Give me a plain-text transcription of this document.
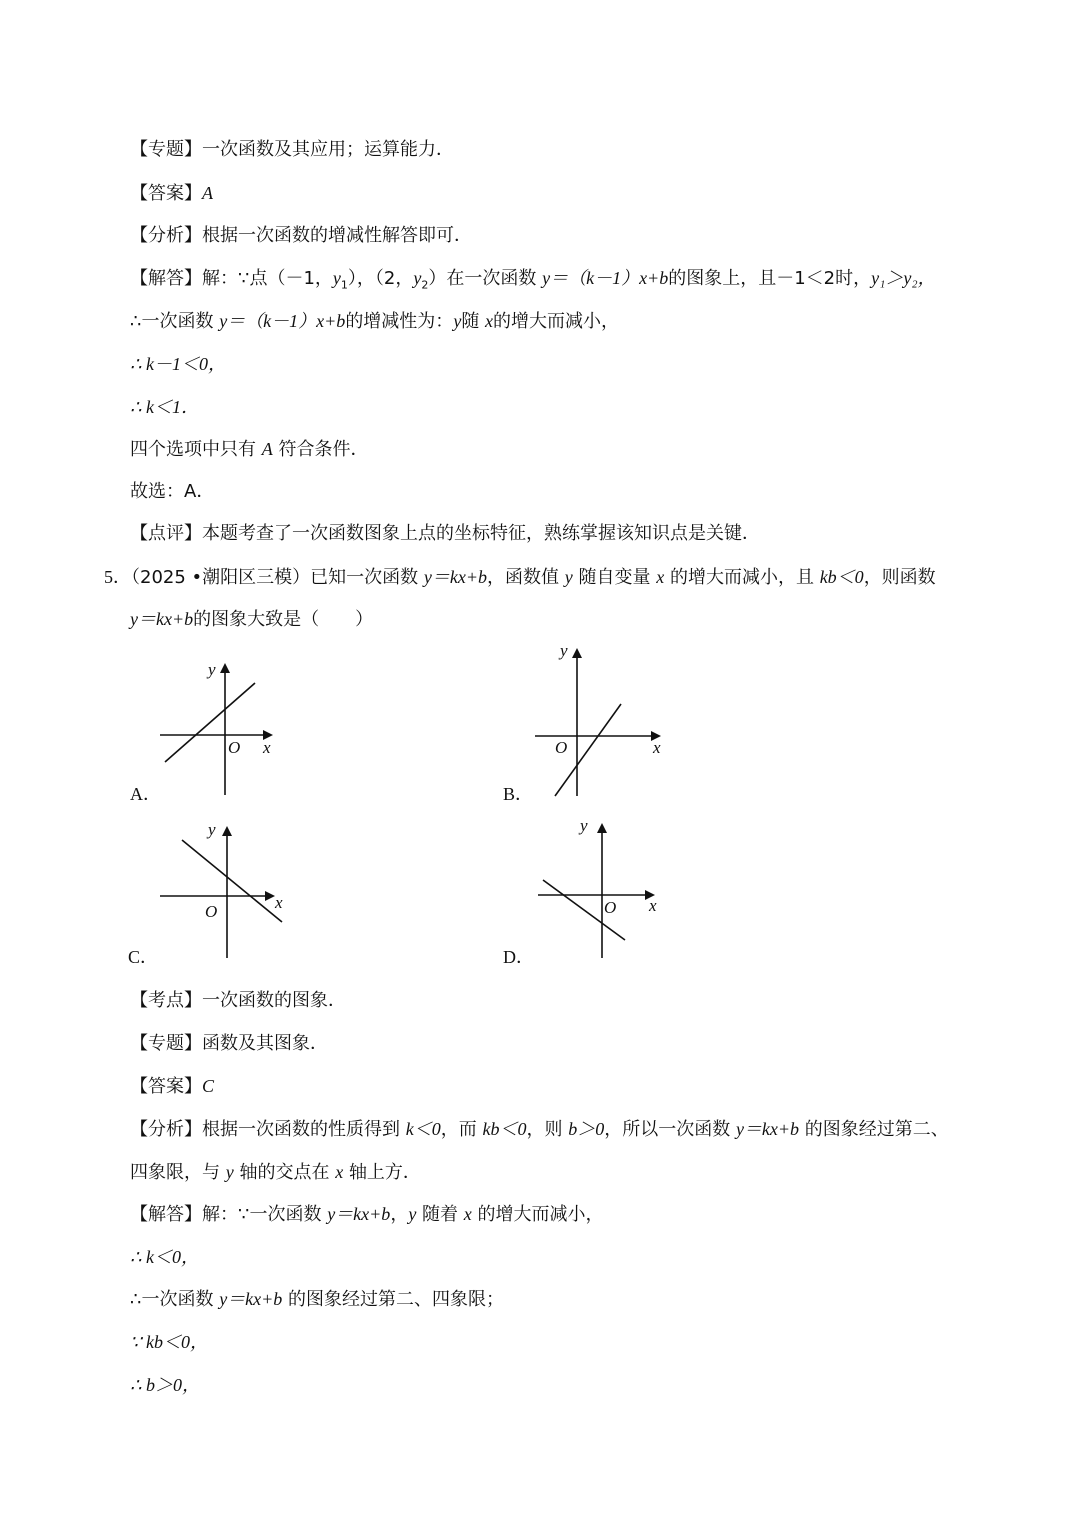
【专题】一次函数及其应用；运算能力．
【答案】A
【分析】根据一次函数的增减性解答即可．
【解答】解：∵点（－1，$y_1$），（2，$y_2$）在一次函数 y＝（k－1）x+b的图象上，且－1＜2时，y₁＞y₂，
∴一次函数 y＝（k－1）x+b的增减性为：y随 x的增大而减小，
∴ k－1＜0，
∴ k＜1．
四个选项中只有 A 符合条件．
故选：A．
【点评】本题考查了一次函数图象上点的坐标特征，熟练掌握该知识点是关键．
5．（2025 •潮阳区三模）已知一次函数 y＝kx+b，函数值 y 随自变量 x 的增大而减小，且 kb＜0，则函数
y＝kx+b的图象大致是（　　）
y
x
O
A．
y
x
O
B．
y
x
O
C．
y
x
O
D．
【考点】一次函数的图象．
【专题】函数及其图象．
【答案】C
【分析】根据一次函数的性质得到 k＜0，而 kb＜0，则 b＞0，所以一次函数 y＝kx+b 的图象经过第二、
四象限，与 y 轴的交点在 x 轴上方．
【解答】解：∵一次函数 y＝kx+b，y 随着 x 的增大而减小，
∴ k＜0，
∴一次函数 y＝kx+b 的图象经过第二、四象限；
∵ kb＜0，
∴ b＞0，
